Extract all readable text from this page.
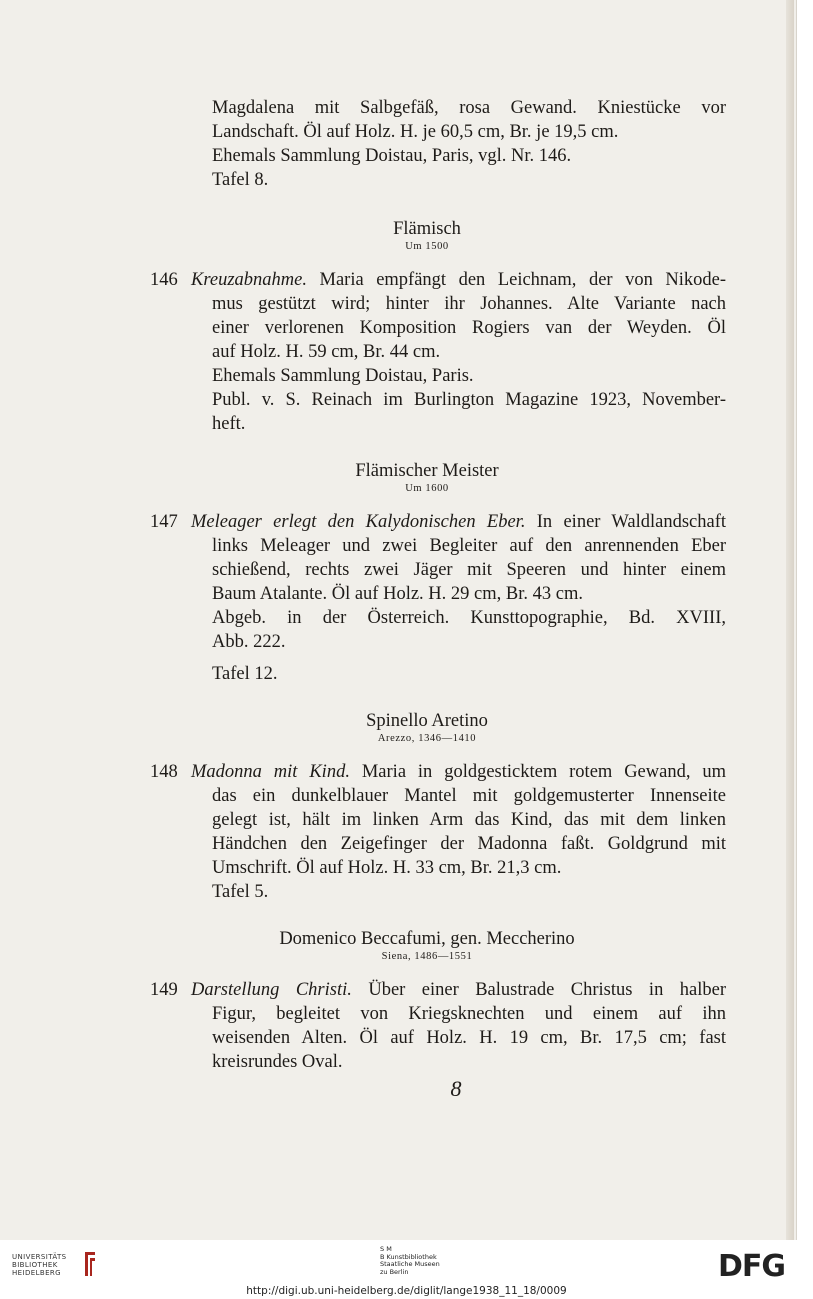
Magdalena mit Salbgefäß, rosa Gewand. Kniestücke vor
Landschaft. Öl auf Holz. H. je 60,5 cm, Br. je 19,5 cm.
Ehemals Sammlung Doistau, Paris, vgl. Nr. 146.
Tafel 8.
Flämisch
Um 1500
146 Kreuzabnahme. Maria empfängt den Leichnam, der von Nikode-
mus gestützt wird; hinter ihr Johannes. Alte Variante nach
einer verlorenen Komposition Rogiers van der Weyden. Öl
auf Holz. H. 59 cm, Br. 44 cm.
Ehemals Sammlung Doistau, Paris.
Publ. v. S. Reinach im Burlington Magazine 1923, November-
heft.
Flämischer Meister
Um 1600
147 Meleager erlegt den Kalydonischen Eber. In einer Waldlandschaft
links Meleager und zwei Begleiter auf den anrennenden Eber
schießend, rechts zwei Jäger mit Speeren und hinter einem
Baum Atalante. Öl auf Holz. H. 29 cm, Br. 43 cm.
Abgeb. in der Österreich. Kunsttopographie, Bd. XVIII,
Abb. 222.
Tafel 12.
Spinello Aretino
Arezzo, 1346—1410
148 Madonna mit Kind. Maria in goldgesticktem rotem Gewand, um
das ein dunkelblauer Mantel mit goldgemusterter Innenseite
gelegt ist, hält im linken Arm das Kind, das mit dem linken
Händchen den Zeigefinger der Madonna faßt. Goldgrund mit
Umschrift. Öl auf Holz. H. 33 cm, Br. 21,3 cm.
Tafel 5.
Domenico Beccafumi, gen. Meccherino
Siena, 1486—1551
149 Darstellung Christi. Über einer Balustrade Christus in halber
Figur, begleitet von Kriegsknechten und einem auf ihn
weisenden Alten. Öl auf Holz. H. 19 cm, Br. 17,5 cm; fast
kreisrundes Oval.
8
UNIVERSITÄTS
BIBLIOTHEK
HEIDELBERG
S M
B Kunstbibliothek
Staatliche Museen
zu Berlin	DFG
http://digi.ub.uni-heidelberg.de/diglit/lange1938_11_18/0009
